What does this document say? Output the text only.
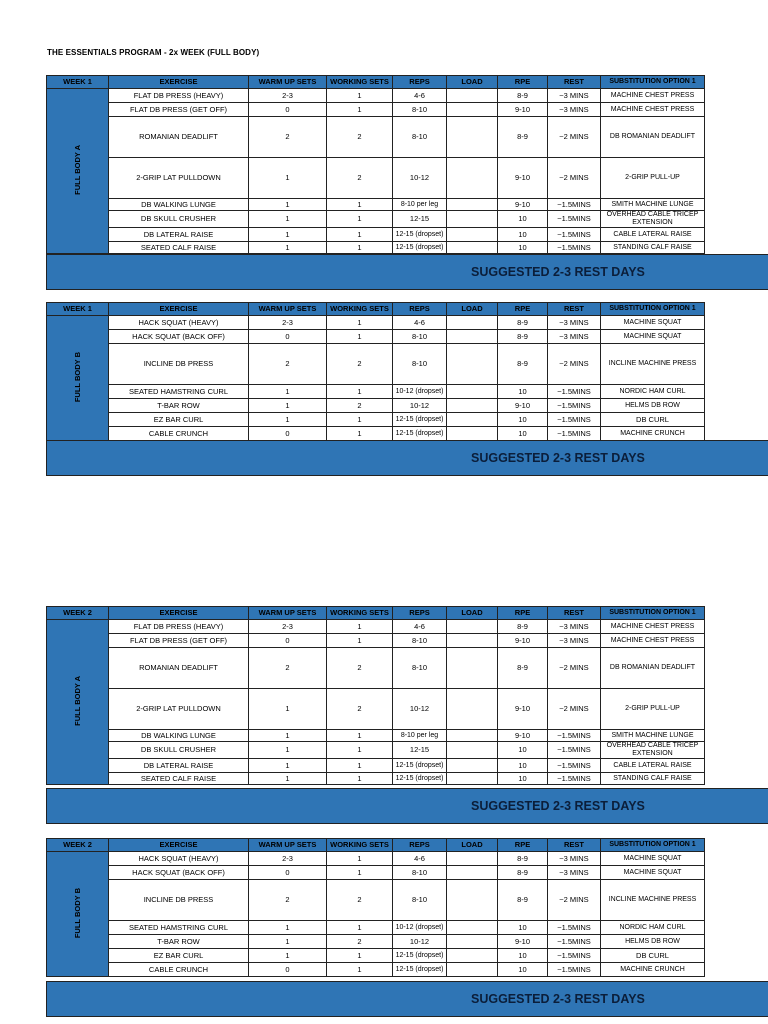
THE ESSENTIALS PROGRAM - 2x WEEK (FULL BODY)
WEEK 1	EXERCISE	WARM UP SETS	WORKING SETS	REPS	LOAD	RPE	REST	SUBSTITUTION OPTION 1
FULL BODY A	FLAT DB PRESS (HEAVY)	2-3	1	4-6		8-9	~3 MINS	MACHINE CHEST PRESS
	FLAT DB PRESS (GET OFF)	0	1	8-10		9-10	~3 MINS	MACHINE CHEST PRESS
	ROMANIAN DEADLIFT	2	2	8-10		8-9	~2 MINS	DB ROMANIAN DEADLIFT
	2-GRIP LAT PULLDOWN	1	2	10-12		9-10	~2 MINS	2-GRIP PULL-UP
	DB WALKING LUNGE	1	1	8-10 per leg		9-10	~1.5MINS	SMITH MACHINE LUNGE
	DB SKULL CRUSHER	1	1	12-15		10	~1.5MINS	OVERHEAD CABLE TRICEP EXTENSION
	DB LATERAL RAISE	1	1	12-15 (dropset)		10	~1.5MINS	CABLE LATERAL RAISE
	SEATED CALF RAISE	1	1	12-15 (dropset)		10	~1.5MINS	STANDING CALF RAISE
SUGGESTED 2-3 REST DAYS
WEEK 1	EXERCISE	WARM UP SETS	WORKING SETS	REPS	LOAD	RPE	REST	SUBSTITUTION OPTION 1
FULL BODY B	HACK SQUAT (HEAVY)	2-3	1	4-6		8-9	~3 MINS	MACHINE SQUAT
	HACK SQUAT (BACK OFF)	0	1	8-10		8-9	~3 MINS	MACHINE SQUAT
	INCLINE DB PRESS	2	2	8-10		8-9	~2 MINS	INCLINE MACHINE PRESS
	SEATED HAMSTRING CURL	1	1	10-12 (dropset)		10	~1.5MINS	NORDIC HAM CURL
	T-BAR ROW	1	2	10-12		9-10	~1.5MINS	HELMS DB ROW
	EZ BAR CURL	1	1	12-15 (dropset)		10	~1.5MINS	DB CURL
	CABLE CRUNCH	0	1	12-15 (dropset)		10	~1.5MINS	MACHINE CRUNCH
SUGGESTED 2-3 REST DAYS
WEEK 2	EXERCISE	WARM UP SETS	WORKING SETS	REPS	LOAD	RPE	REST	SUBSTITUTION OPTION 1
FULL BODY A	FLAT DB PRESS (HEAVY)	2-3	1	4-6		8-9	~3 MINS	MACHINE CHEST PRESS
	FLAT DB PRESS (GET OFF)	0	1	8-10		9-10	~3 MINS	MACHINE CHEST PRESS
	ROMANIAN DEADLIFT	2	2	8-10		8-9	~2 MINS	DB ROMANIAN DEADLIFT
	2-GRIP LAT PULLDOWN	1	2	10-12		9-10	~2 MINS	2-GRIP PULL-UP
	DB WALKING LUNGE	1	1	8-10 per leg		9-10	~1.5MINS	SMITH MACHINE LUNGE
	DB SKULL CRUSHER	1	1	12-15		10	~1.5MINS	OVERHEAD CABLE TRICEP EXTENSION
	DB LATERAL RAISE	1	1	12-15 (dropset)		10	~1.5MINS	CABLE LATERAL RAISE
	SEATED CALF RAISE	1	1	12-15 (dropset)		10	~1.5MINS	STANDING CALF RAISE
SUGGESTED 2-3 REST DAYS
WEEK 2	EXERCISE	WARM UP SETS	WORKING SETS	REPS	LOAD	RPE	REST	SUBSTITUTION OPTION 1
FULL BODY B	HACK SQUAT (HEAVY)	2-3	1	4-6		8-9	~3 MINS	MACHINE SQUAT
	HACK SQUAT (BACK OFF)	0	1	8-10		8-9	~3 MINS	MACHINE SQUAT
	INCLINE DB PRESS	2	2	8-10		8-9	~2 MINS	INCLINE MACHINE PRESS
	SEATED HAMSTRING CURL	1	1	10-12 (dropset)		10	~1.5MINS	NORDIC HAM CURL
	T-BAR ROW	1	2	10-12		9-10	~1.5MINS	HELMS DB ROW
	EZ BAR CURL	1	1	12-15 (dropset)		10	~1.5MINS	DB CURL
	CABLE CRUNCH	0	1	12-15 (dropset)		10	~1.5MINS	MACHINE CRUNCH
SUGGESTED 2-3 REST DAYS
